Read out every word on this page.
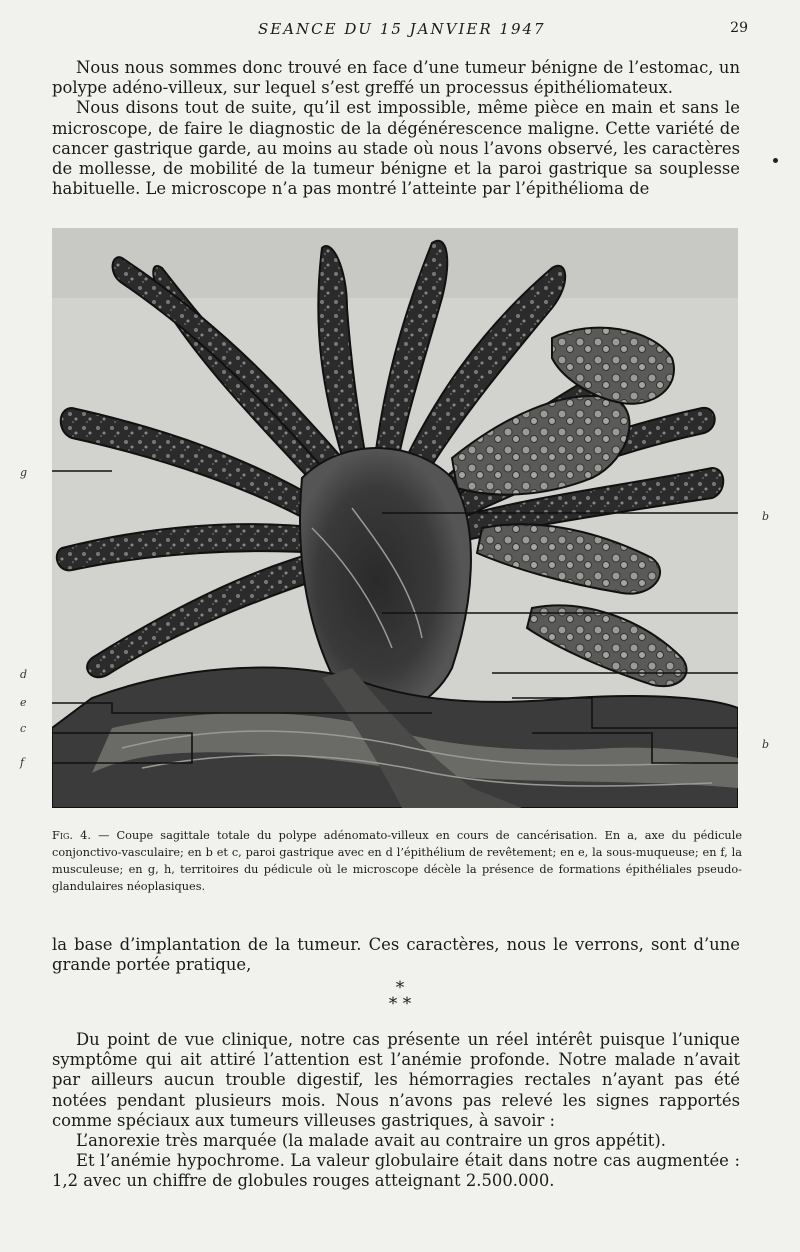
SEANCE DU 15 JANVIER 1947	29

Nous nous sommes donc trouvé en face d’une tumeur bénigne de l’estomac, un polype adéno-villeux, sur lequel s’est greffé un processus épithéliomateux.

Nous disons tout de suite, qu’il est impossible, même pièce en main et sans le microscope, de faire le diagnostic de la dégénérescence maligne. Cette variété de cancer gastrique garde, au moins au stade où nous l’avons observé, les caractères de mollesse, de mobilité de la tumeur bénigne et la paroi gastrique sa souplesse habituelle. Le microscope n’a pas montré l’atteinte par l’épithélioma de

g
b
d
e
c
f
b
Fig. 4. — Coupe sagittale totale du polype adénomato-villeux en cours de cancérisation. En a, axe du pédicule conjonctivo-vasculaire; en b et c, paroi gastrique avec en d l’épithélium de revêtement; en e, la sous-muqueuse; en f, la musculeuse; en g, h, territoires du pédicule où le microscope décèle la présence de formations épithéliales pseudo-glandulaires néoplasiques.

la base d’implantation de la tumeur. Ces caractères, nous le verrons, sont d’une grande portée pratique,

*
* *

Du point de vue clinique, notre cas présente un réel intérêt puisque l’unique symptôme qui ait attiré l’attention est l’anémie profonde. Notre malade n’avait par ailleurs aucun trouble digestif, les hémorragies rectales n’ayant pas été notées pendant plusieurs mois. Nous n’avons pas relevé les signes rapportés comme spéciaux aux tumeurs villeuses gastriques, à savoir :

L’anorexie très marquée (la malade avait au contraire un gros appétit).

Et l’anémie hypochrome. La valeur globulaire était dans notre cas augmentée : 1,2 avec un chiffre de globules rouges atteignant 2.500.000.
